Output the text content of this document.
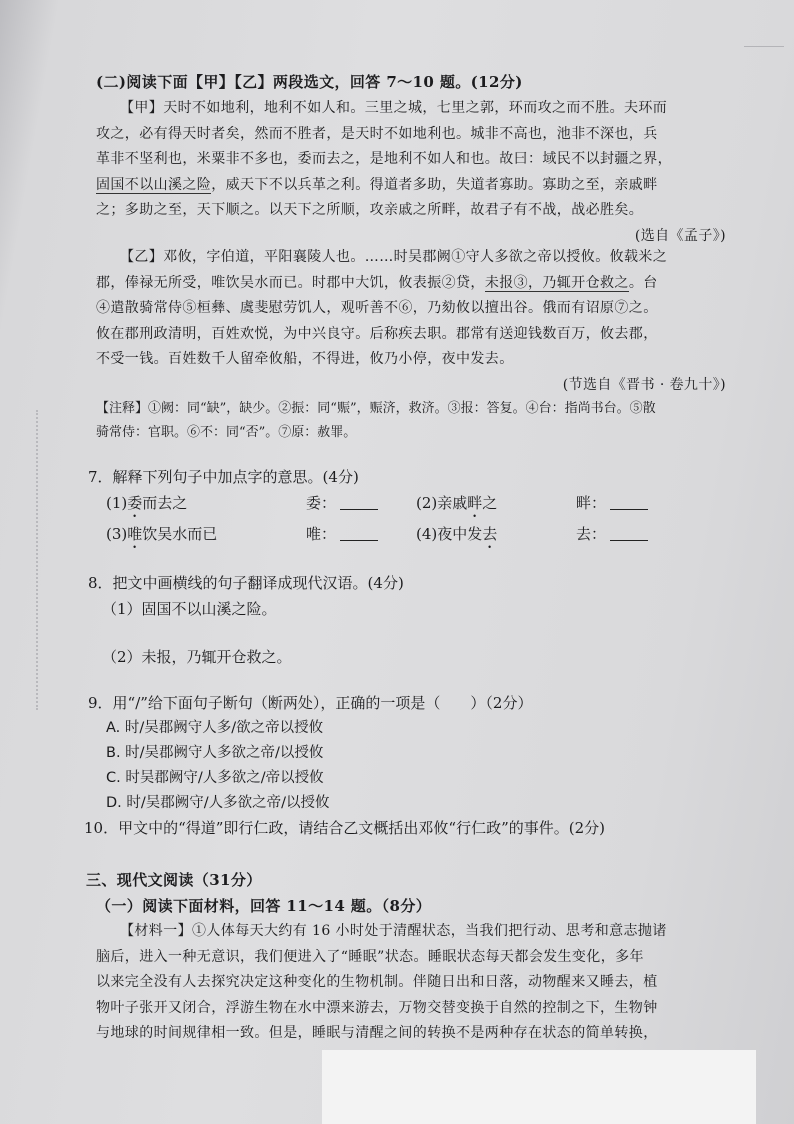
(二)阅读下面【甲】【乙】两段选文，回答 7～10 题。(12分)
【甲】天时不如地利，地利不如人和。三里之城，七里之郭，环而攻之而不胜。夫环而
攻之，必有得天时者矣，然而不胜者，是天时不如地利也。城非不高也，池非不深也，兵
革非不坚利也，米粟非不多也，委而去之，是地利不如人和也。故曰：域民不以封疆之界，
固国不以山溪之险，威天下不以兵革之利。得道者多助，失道者寡助。寡助之至，亲戚畔
之；多助之至，天下顺之。以天下之所顺，攻亲戚之所畔，故君子有不战，战必胜矣。
(选自《孟子》)
【乙】邓攸，字伯道，平阳襄陵人也。……时吴郡阙①守人多欲之帝以授攸。攸载米之
郡，俸禄无所受，唯饮吴水而已。时郡中大饥，攸表振②贷，未报③，乃辄开仓救之。台
④遣散骑常侍⑤桓彝、虞斐慰劳饥人，观听善不⑥，乃劾攸以擅出谷。俄而有诏原⑦之。
攸在郡刑政清明，百姓欢悦，为中兴良守。后称疾去职。郡常有送迎钱数百万，攸去郡，
不受一钱。百姓数千人留牵攸船，不得进，攸乃小停，夜中发去。
(节选自《晋书 · 卷九十》)
【注释】①阙：同“缺”，缺少。②振：同“赈”，赈济，救济。③报：答复。④台：指尚书台。⑤散
骑常侍：官职。⑥不：同“否”。⑦原：赦罪。
7．解释下列句子中加点字的意思。(4分)
(1)委而去之	委：	(2)亲戚畔之	畔：
(3)唯饮吴水而已	唯：	(4)夜中发去	去：
8．把文中画横线的句子翻译成现代汉语。(4分)
（1）固国不以山溪之险。
（2）未报，乃辄开仓救之。
9．用“/”给下面句子断句（断两处），正确的一项是（　　）（2分）
A. 时/吴郡阙守人多/欲之帝以授攸
B. 时/吴郡阙守人多欲之帝/以授攸
C. 时吴郡阙守/人多欲之/帝以授攸
D. 时/吴郡阙守/人多欲之帝/以授攸
10．甲文中的“得道”即行仁政，请结合乙文概括出邓攸“行仁政”的事件。(2分)
三、现代文阅读（31分）
（一）阅读下面材料，回答 11～14 题。（8分）
【材料一】①人体每天大约有 16 小时处于清醒状态，当我们把行动、思考和意志抛诸
脑后，进入一种无意识，我们便进入了“睡眠”状态。睡眠状态每天都会发生变化，多年
以来完全没有人去探究决定这种变化的生物机制。伴随日出和日落，动物醒来又睡去，植
物叶子张开又闭合，浮游生物在水中漂来游去，万物交替变换于自然的控制之下，生物钟
与地球的时间规律相一致。但是，睡眠与清醒之间的转换不是两种存在状态的简单转换，
